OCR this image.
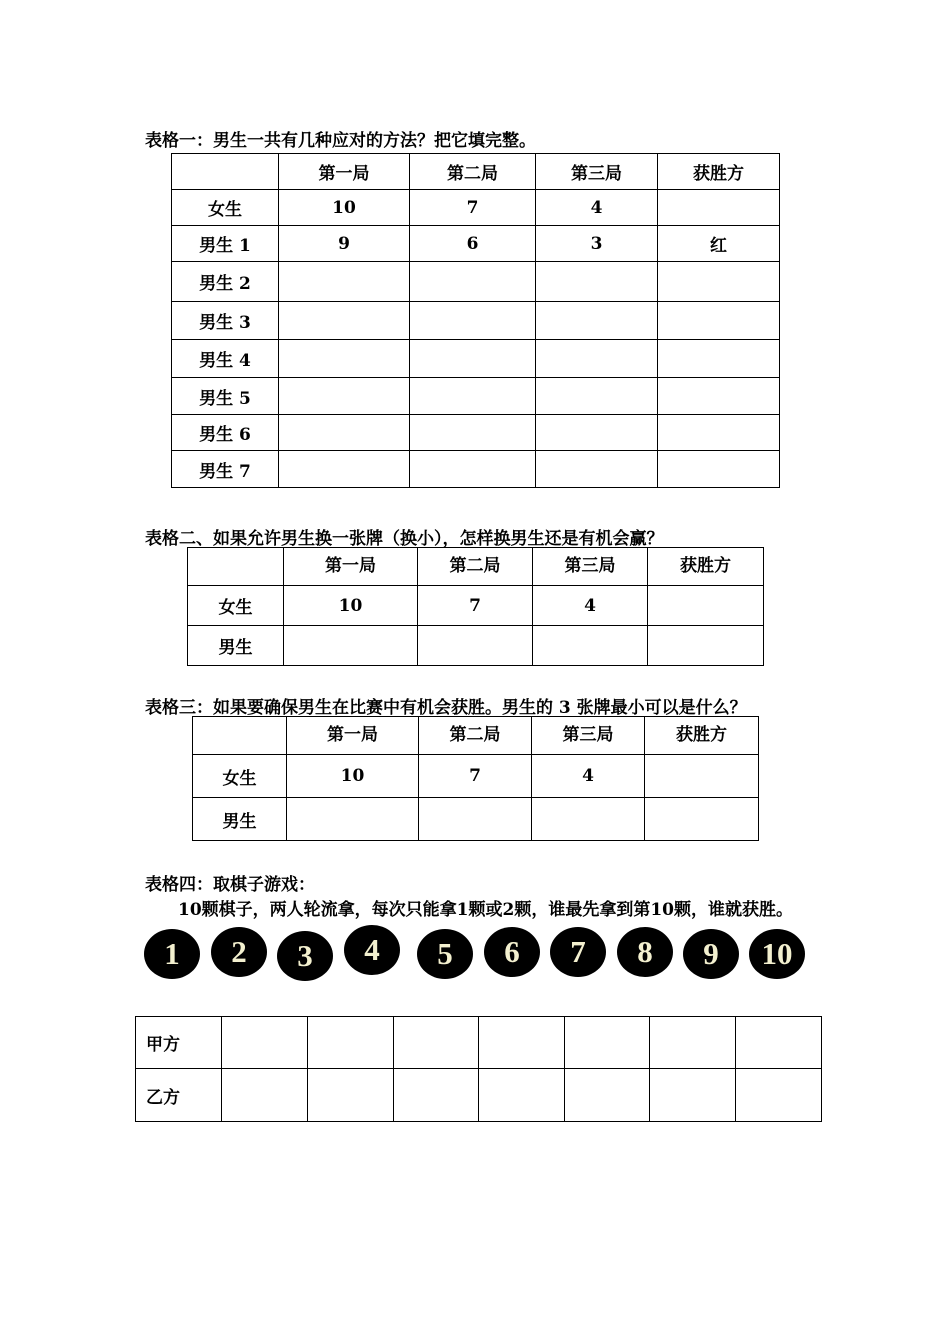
表格一：男生一共有几种应对的方法？把它填完整。
	第一局	第二局	第三局	获胜方
女生	10	7	4	
男生 1	9	6	3	红
男生 2				
男生 3				
男生 4				
男生 5				
男生 6				
男生 7				
表格二、如果允许男生换一张牌（换小），怎样换男生还是有机会赢？
	第一局	第二局	第三局	获胜方
女生	10	7	4	
男生				
表格三：如果要确保男生在比赛中有机会获胜。男生的 3 张牌最小可以是什么？
	第一局	第二局	第三局	获胜方
女生	10	7	4	
男生				
表格四：取棋子游戏：
10颗棋子，两人轮流拿，每次只能拿1颗或2颗，谁最先拿到第10颗，谁就获胜。
1	2	3	4	5	6	7	8	9	10
甲方							
乙方							
